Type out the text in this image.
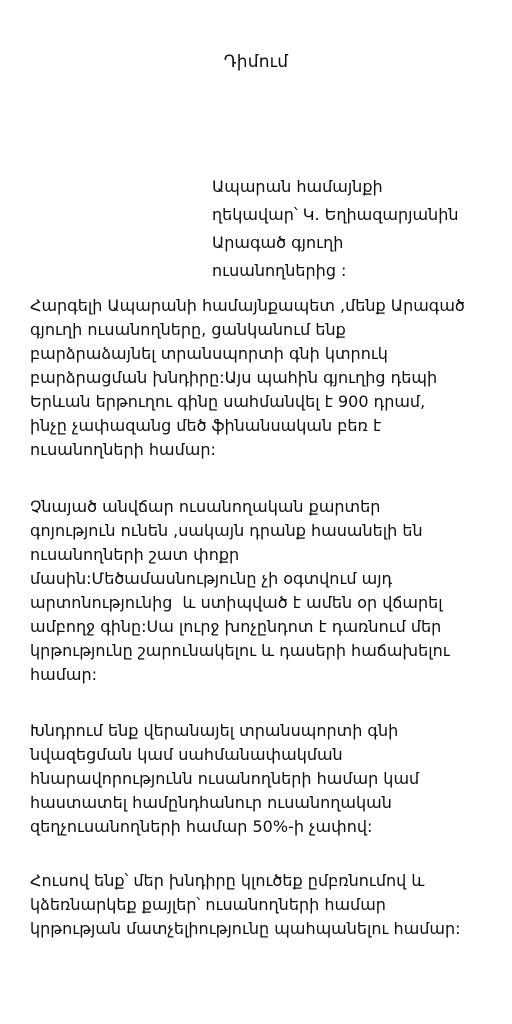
Դիմում
Ապարան համայնքի
ղեկավար՝ Կ. Եղիազարյանին
Արագած գյուղի
ուսանողներից :
Հարգելի Ապարանի համայնքապետ ,մենք Արագած
գյուղի ուսանողները, ցանկանում ենք
բարձրաձայնել տրանսպորտի գնի կտրուկ
բարձրացման խնդիրը:Այս պահին գյուղից դեպի
Երևան երթուղու գինը սահմանվել է 900 դրամ,
ինչը չափազանց մեծ ֆինանսական բեռ է
ուսանողների համար:
Չնայած անվճար ուսանողական քարտեր
գոյություն ունեն ,սակայն դրանք հասանելի են
ուսանողների շատ փոքր
մասին:Մեծամասնությունը չի օգտվում այդ
արտոնությունից  և ստիպված է ամեն օր վճարել
ամբողջ գինը:Սա լուրջ խոչընդոտ է դառնում մեր
կրթությունը շարունակելու և դասերի հաճախելու
համար:
Խնդրում ենք վերանայել տրանսպորտի գնի
նվազեցման կամ սահմանափակման
հնարավորությունն ուսանողների համար կամ
հաստատել համընդհանուր ուսանողական
զեղչուսանողների համար 50%-ի չափով:
Հուսով ենք՝ մեր խնդիրը կլուծեք ըմբռնումով և
կձեռնարկեք քայլեր՝ ուսանողների համար
կրթության մատչելիությունը պահպանելու համար:
